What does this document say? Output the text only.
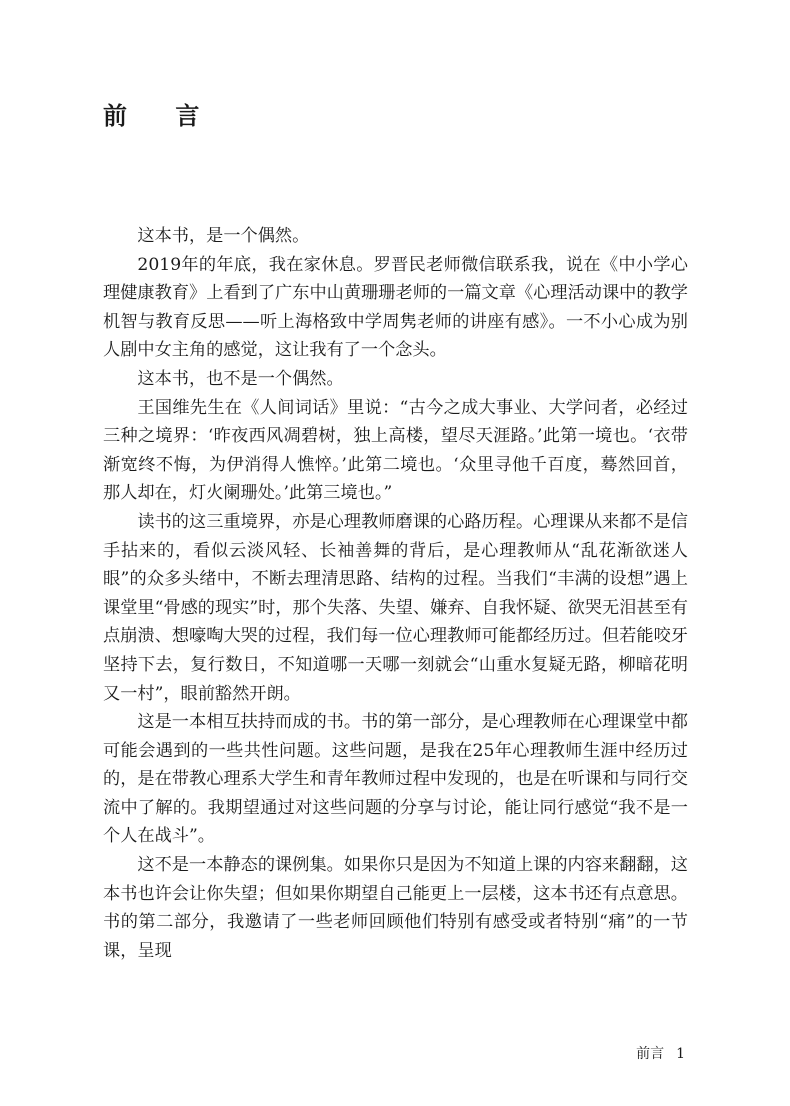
前 言

这本书，是一个偶然。

2019年的年底，我在家休息。罗晋民老师微信联系我，说在《中小学心理健康教育》上看到了广东中山黄珊珊老师的一篇文章《心理活动课中的教学机智与教育反思——听上海格致中学周隽老师的讲座有感》。一不小心成为别人剧中女主角的感觉，这让我有了一个念头。

这本书，也不是一个偶然。

王国维先生在《人间词话》里说：“古今之成大事业、大学问者，必经过三种之境界：‘昨夜西风凋碧树，独上高楼，望尽天涯路。’此第一境也。‘衣带渐宽终不悔，为伊消得人憔悴。’此第二境也。‘众里寻他千百度，蓦然回首，那人却在，灯火阑珊处。’此第三境也。”

读书的这三重境界，亦是心理教师磨课的心路历程。心理课从来都不是信手拈来的，看似云淡风轻、长袖善舞的背后，是心理教师从“乱花渐欲迷人眼”的众多头绪中，不断去理清思路、结构的过程。当我们“丰满的设想”遇上课堂里“骨感的现实”时，那个失落、失望、嫌弃、自我怀疑、欲哭无泪甚至有点崩溃、想嚎啕大哭的过程，我们每一位心理教师可能都经历过。但若能咬牙坚持下去，复行数日，不知道哪一天哪一刻就会“山重水复疑无路，柳暗花明又一村”，眼前豁然开朗。

这是一本相互扶持而成的书。书的第一部分，是心理教师在心理课堂中都可能会遇到的一些共性问题。这些问题，是我在25年心理教师生涯中经历过的，是在带教心理系大学生和青年教师过程中发现的，也是在听课和与同行交流中了解的。我期望通过对这些问题的分享与讨论，能让同行感觉“我不是一个人在战斗”。

这不是一本静态的课例集。如果你只是因为不知道上课的内容来翻翻，这本书也许会让你失望；但如果你期望自己能更上一层楼，这本书还有点意思。书的第二部分，我邀请了一些老师回顾他们特别有感受或者特别“痛”的一节课，呈现

前言 1
